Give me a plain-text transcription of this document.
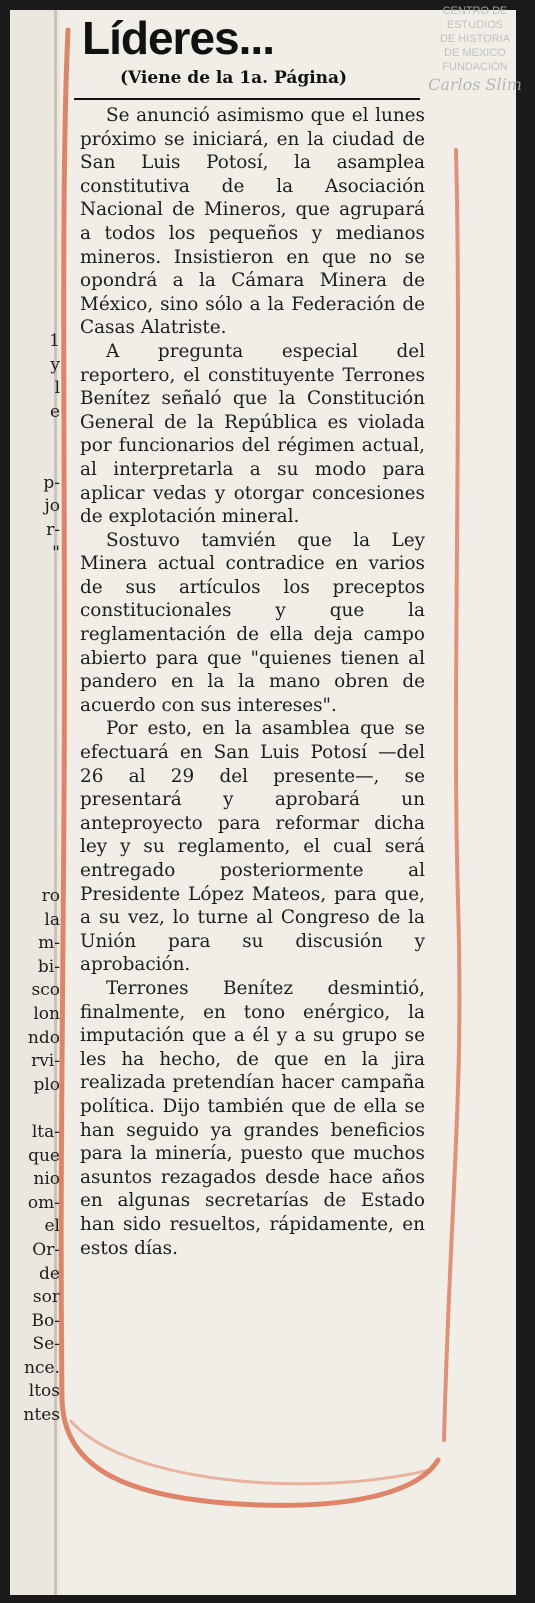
Líderes...
(Viene de la 1a. Página)
CENTRO DE
ESTUDIOS
DE HISTORIA
DE MEXICO
FUNDACIÓN
Carlos Slim
1
y
l
e
p-
jo
r-
"
ro
la
m-
bi-
sco
lon
ndo
rvi-
plo
lta-
que
nio
om-
el
Or-
de
sor
Bo-
Se-
nce.
ltos
ntes

Se anunció asimismo que el lunes próximo se iniciará, en la ciudad de San Luis Potosí, la asamplea constitutiva de la Asociación Nacional de Mineros, que agrupará a todos los pequeños y medianos mineros. Insistieron en que no se opondrá a la Cámara Minera de México, sino sólo a la Federación de Casas Alatriste.

A pregunta especial del reportero, el constituyente Terrones Benítez señaló que la Constitución General de la República es violada por funcionarios del régimen actual, al interpretarla a su modo para aplicar vedas y otorgar concesiones de explotación mineral.

Sostuvo tamvién que la Ley Minera actual contradice en varios de sus artículos los preceptos constitucionales y que la reglamentación de ella deja campo abierto para que "quienes tienen al pandero en la la mano obren de acuerdo con sus intereses".

Por esto, en la asamblea que se efectuará en San Luis Potosí —del 26 al 29 del presente—, se presentará y aprobará un anteproyecto para reformar dicha ley y su reglamento, el cual será entregado posteriormente al Presidente López Mateos, para que, a su vez, lo turne al Congreso de la Unión para su discusión y aprobación.

Terrones Benítez desmintió, finalmente, en tono enérgico, la imputación que a él y a su grupo se les ha hecho, de que en la jira realizada pretendían hacer campaña política. Dijo también que de ella se han seguido ya grandes beneficios para la minería, puesto que muchos asuntos rezagados desde hace años en algunas secretarías de Estado han sido resueltos, rápidamente, en estos días.
